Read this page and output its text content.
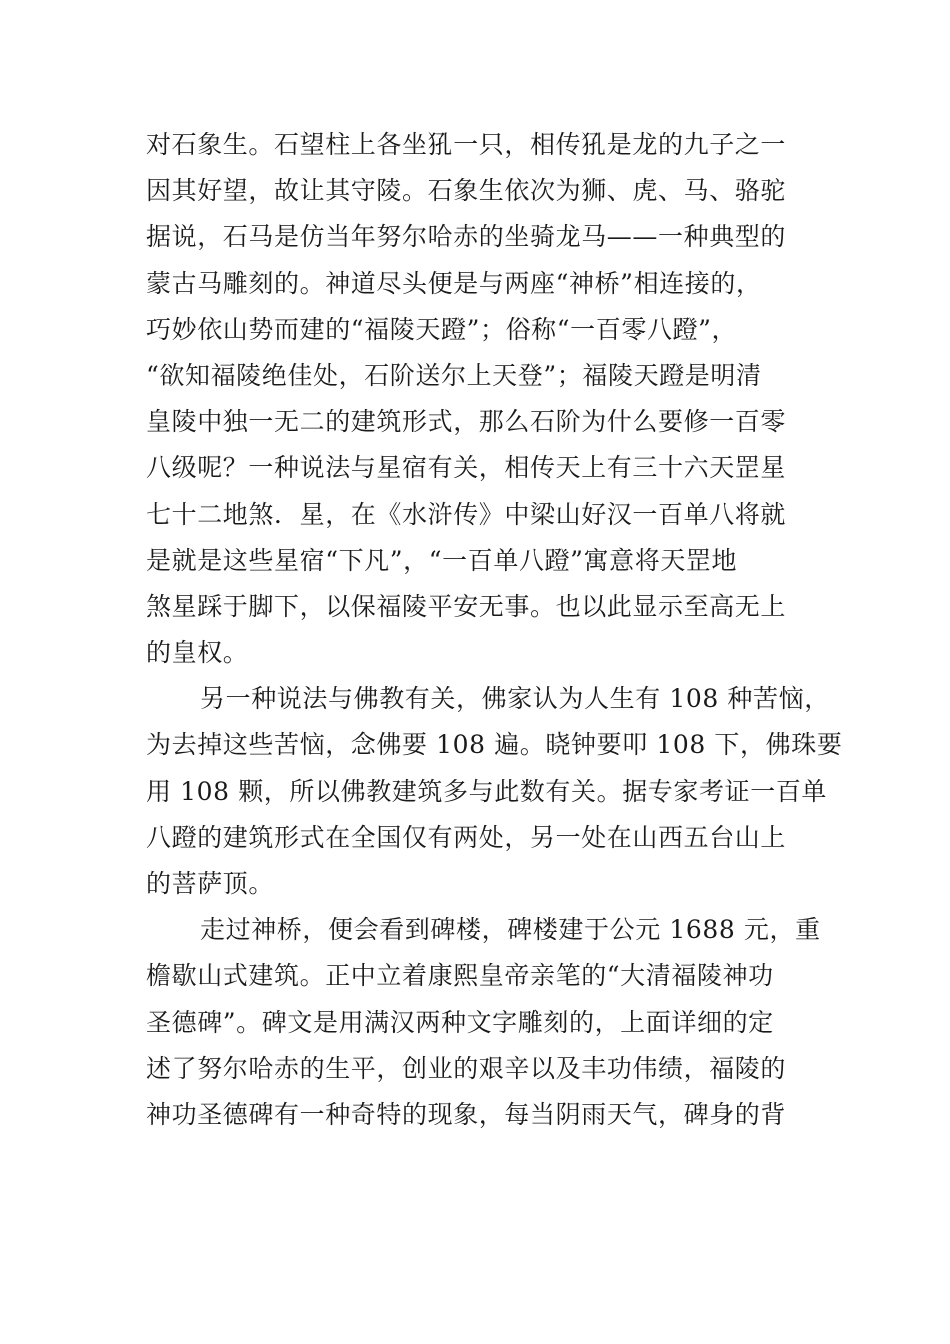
对石象生。石望柱上各坐犼一只，相传犼是龙的九子之一
因其好望，故让其守陵。石象生依次为狮、虎、马、骆驼
据说，石马是仿当年努尔哈赤的坐骑龙马——一种典型的
蒙古马雕刻的。神道尽头便是与两座“神桥”相连接的，
巧妙依山势而建的“福陵天蹬”；俗称“一百零八蹬”，
“欲知福陵绝佳处，石阶送尔上天登”；福陵天蹬是明清
皇陵中独一无二的建筑形式，那么石阶为什么要修一百零
八级呢？一种说法与星宿有关，相传天上有三十六天罡星
七十二地煞．星，在《水浒传》中梁山好汉一百单八将就
是就是这些星宿“下凡”，“一百单八蹬”寓意将天罡地
煞星踩于脚下，以保福陵平安无事。也以此显示至高无上
的皇权。
另一种说法与佛教有关，佛家认为人生有 108 种苦恼，
为去掉这些苦恼，念佛要 108 遍。晓钟要叩 108 下，佛珠要
用 108 颗，所以佛教建筑多与此数有关。据专家考证一百单
八蹬的建筑形式在全国仅有两处，另一处在山西五台山上
的菩萨顶。
走过神桥，便会看到碑楼，碑楼建于公元 1688 元，重
檐歇山式建筑。正中立着康熙皇帝亲笔的“大清福陵神功
圣德碑”。碑文是用满汉两种文字雕刻的，上面详细的定
述了努尔哈赤的生平，创业的艰辛以及丰功伟绩，福陵的
神功圣德碑有一种奇特的现象，每当阴雨天气，碑身的背
